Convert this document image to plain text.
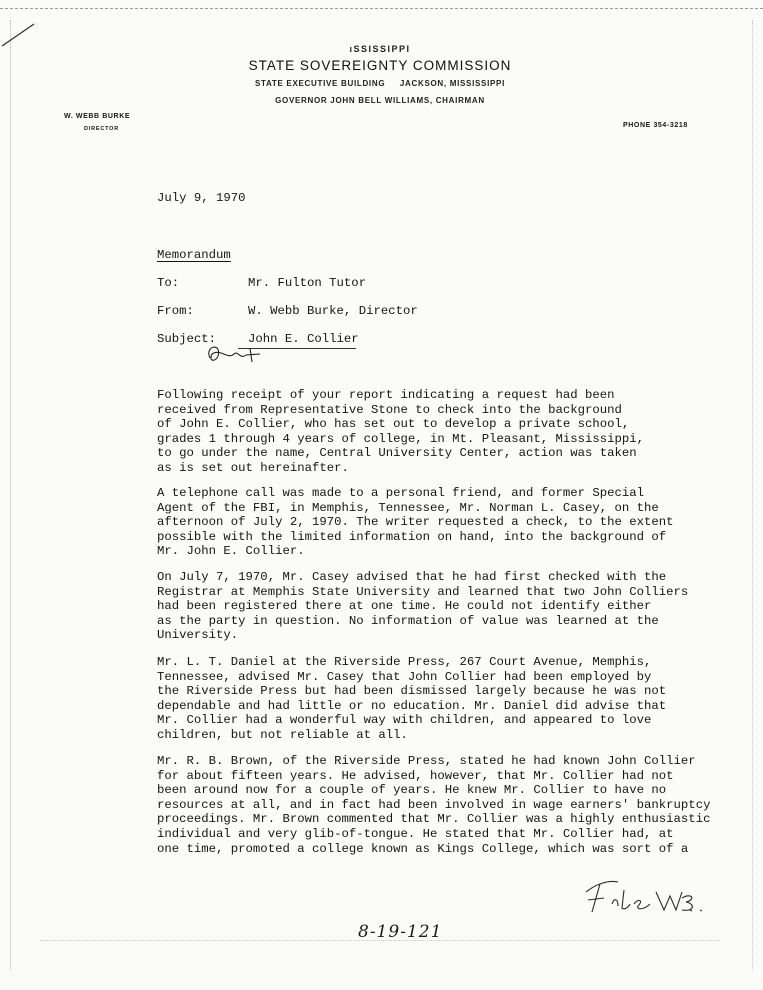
ıSSISSIPPI
STATE SOVEREIGNTY COMMISSION
STATE EXECUTIVE BUILDING     JACKSON, MISSISSIPPI
GOVERNOR JOHN BELL WILLIAMS, CHAIRMAN
W. WEBB BURKE
DIRECTOR	PHONE 354-3218
July 9, 1970
Memorandum
To:	Mr. Fulton Tutor
From:	W. Webb Burke, Director
Subject:	John E. Collier
Following receipt of your report indicating a request had been
received from Representative Stone to check into the background
of John E. Collier, who has set out to develop a private school,
grades 1 through 4 years of college, in Mt. Pleasant, Mississippi,
to go under the name, Central University Center, action was taken
as is set out hereinafter.
A telephone call was made to a personal friend, and former Special
Agent of the FBI, in Memphis, Tennessee, Mr. Norman L. Casey, on the
afternoon of July 2, 1970. The writer requested a check, to the extent
possible with the limited information on hand, into the background of
Mr. John E. Collier.
On July 7, 1970, Mr. Casey advised that he had first checked with the
Registrar at Memphis State University and learned that two John Colliers
had been registered there at one time. He could not identify either
as the party in question. No information of value was learned at the
University.
Mr. L. T. Daniel at the Riverside Press, 267 Court Avenue, Memphis,
Tennessee, advised Mr. Casey that John Collier had been employed by
the Riverside Press but had been dismissed largely because he was not
dependable and had little or no education. Mr. Daniel did advise that
Mr. Collier had a wonderful way with children, and appeared to love
children, but not reliable at all.
Mr. R. B. Brown, of the Riverside Press, stated he had known John Collier
for about fifteen years. He advised, however, that Mr. Collier had not
been around now for a couple of years. He knew Mr. Collier to have no
resources at all, and in fact had been involved in wage earners' bankruptcy
proceedings. Mr. Brown commented that Mr. Collier was a highly enthusiastic
individual and very glib-of-tongue. He stated that Mr. Collier had, at
one time, promoted a college known as Kings College, which was sort of a
8-19-121
